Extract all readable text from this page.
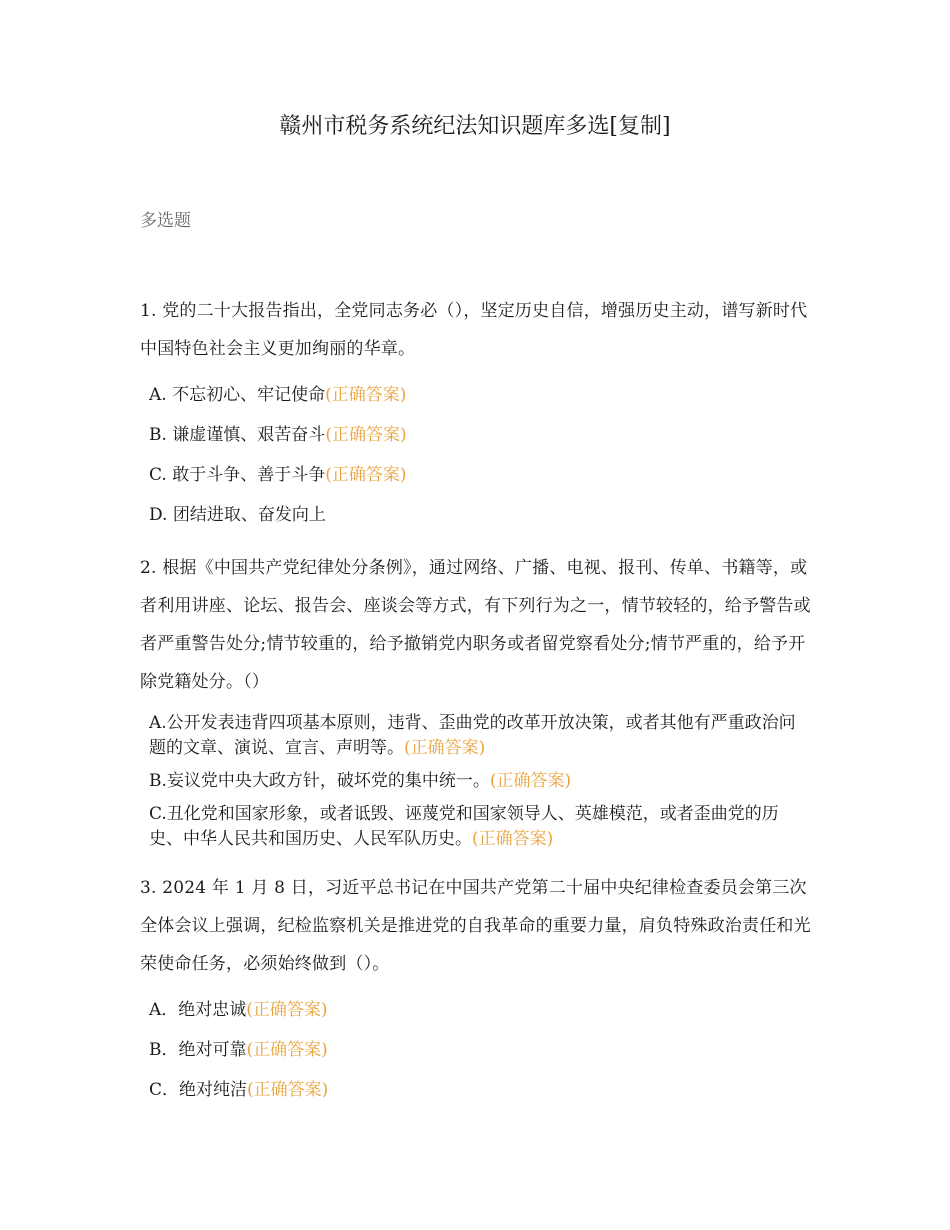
赣州市税务系统纪法知识题库多选[复制]
多选题
1. 党的二十大报告指出，全党同志务必（），坚定历史自信，增强历史主动，谱写新时代中国特色社会主义更加绚丽的华章。
A. 不忘初心、牢记使命(正确答案)
B. 谦虚谨慎、艰苦奋斗(正确答案)
C. 敢于斗争、善于斗争(正确答案)
D. 团结进取、奋发向上
2. 根据《中国共产党纪律处分条例》，通过网络、广播、电视、报刊、传单、书籍等，或者利用讲座、论坛、报告会、座谈会等方式，有下列行为之一，情节较轻的，给予警告或者严重警告处分;情节较重的，给予撤销党内职务或者留党察看处分;情节严重的，给予开除党籍处分。（）
A.公开发表违背四项基本原则，违背、歪曲党的改革开放决策，或者其他有严重政治问题的文章、演说、宣言、声明等。(正确答案)
B.妄议党中央大政方针，破坏党的集中统一。(正确答案)
C.丑化党和国家形象，或者诋毁、诬蔑党和国家领导人、英雄模范，或者歪曲党的历史、中华人民共和国历史、人民军队历史。(正确答案)
3. 2024 年 1 月 8 日，习近平总书记在中国共产党第二十届中央纪律检查委员会第三次全体会议上强调，纪检监察机关是推进党的自我革命的重要力量，肩负特殊政治责任和光荣使命任务，必须始终做到（）。
A．绝对忠诚(正确答案)
B．绝对可靠(正确答案)
C．绝对纯洁(正确答案)
